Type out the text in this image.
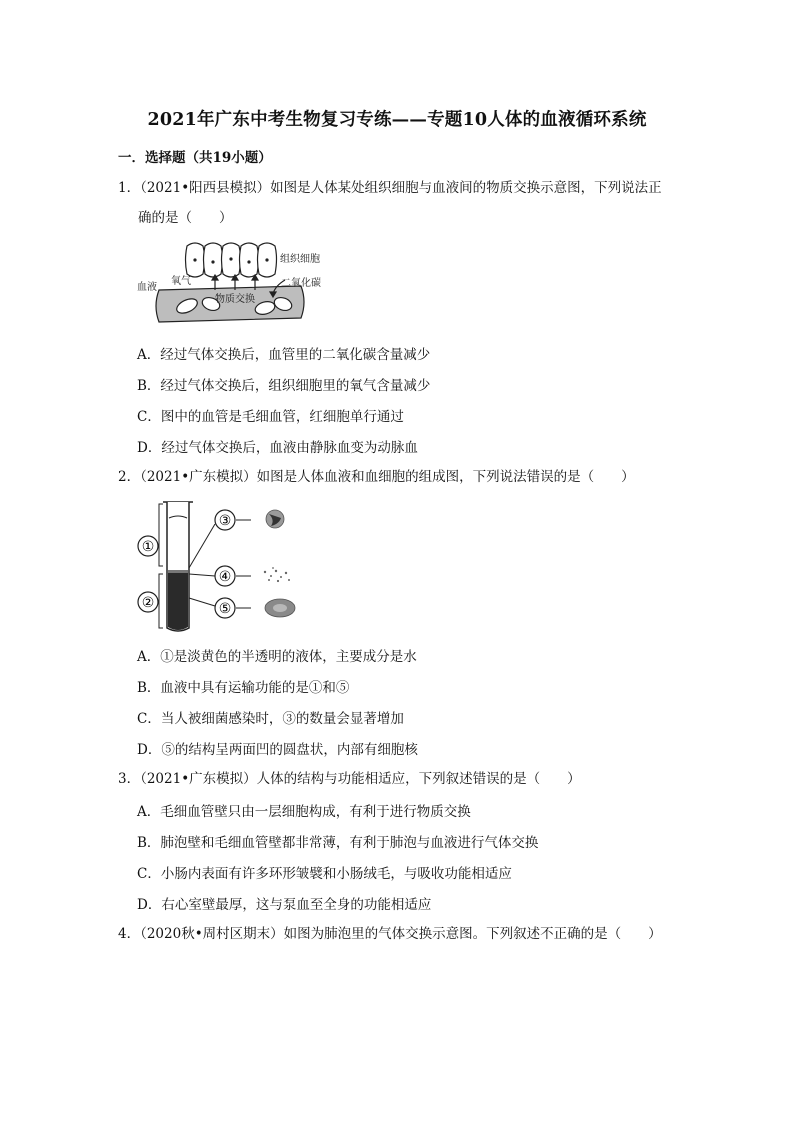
2021年广东中考生物复习专练——专题10人体的血液循环系统
一．选择题（共19小题）
1．（2021•阳西县模拟）如图是人体某处组织细胞与血液间的物质交换示意图，下列说法正
确的是（　　）
组织细胞
氧气	二氧化碳
血液
物质交换
A．经过气体交换后，血管里的二氧化碳含量减少
B．经过气体交换后，组织细胞里的氧气含量减少
C．图中的血管是毛细血管，红细胞单行通过
D．经过气体交换后，血液由静脉血变为动脉血
2．（2021•广东模拟）如图是人体血液和血细胞的组成图，下列说法错误的是（　　）
①
②
③
④
⑤
A．①是淡黄色的半透明的液体，主要成分是水
B．血液中具有运输功能的是①和⑤
C．当人被细菌感染时，③的数量会显著增加
D．⑤的结构呈两面凹的圆盘状，内部有细胞核
3．（2021•广东模拟）人体的结构与功能相适应，下列叙述错误的是（　　）
A．毛细血管壁只由一层细胞构成，有利于进行物质交换
B．肺泡壁和毛细血管壁都非常薄，有利于肺泡与血液进行气体交换
C．小肠内表面有许多环形皱襞和小肠绒毛，与吸收功能相适应
D．右心室壁最厚，这与泵血至全身的功能相适应
4．（2020秋•周村区期末）如图为肺泡里的气体交换示意图。下列叙述不正确的是（　　）
